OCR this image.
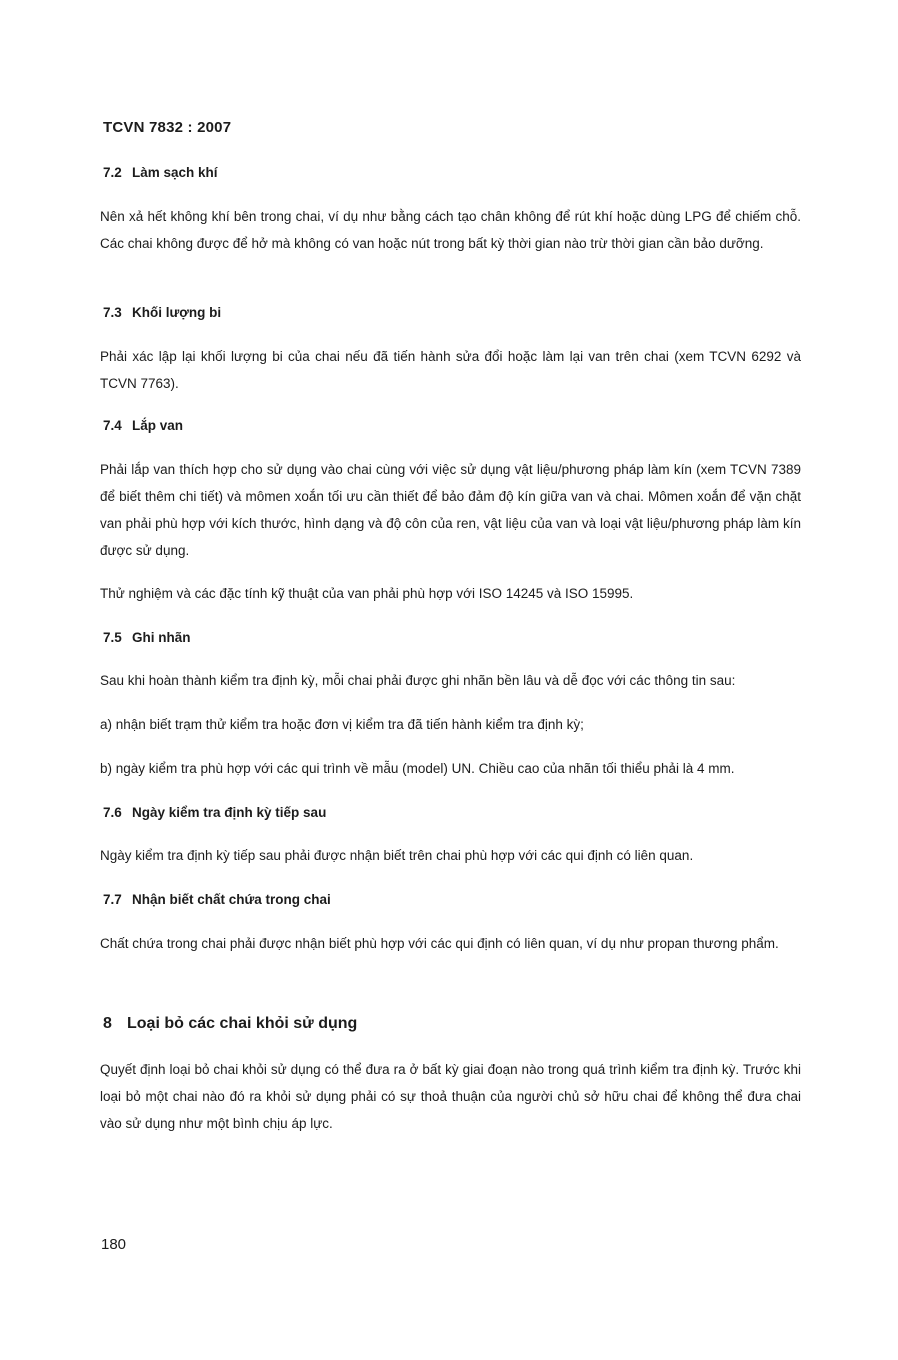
TCVN 7832 : 2007

7.2 Làm sạch khí

Nên xả hết không khí bên trong chai, ví dụ như bằng cách tạo chân không để rút khí hoặc dùng LPG để chiếm chỗ. Các chai không được để hở mà không có van hoặc nút trong bất kỳ thời gian nào trừ thời gian cần bảo dưỡng.

7.3 Khối lượng bi

Phải xác lập lại khối lượng bi của chai nếu đã tiến hành sửa đổi hoặc làm lại van trên chai (xem TCVN 6292 và TCVN 7763).

7.4 Lắp van

Phải lắp van thích hợp cho sử dụng vào chai cùng với việc sử dụng vật liệu/phương pháp làm kín (xem TCVN 7389 để biết thêm chi tiết) và mômen xoắn tối ưu cần thiết để bảo đảm độ kín giữa van và chai. Mômen xoắn để vặn chặt van phải phù hợp với kích thước, hình dạng và độ côn của ren, vật liệu của van và loại vật liệu/phương pháp làm kín được sử dụng.

Thử nghiệm và các đặc tính kỹ thuật của van phải phù hợp với ISO 14245 và ISO 15995.

7.5 Ghi nhãn

Sau khi hoàn thành kiểm tra định kỳ, mỗi chai phải được ghi nhãn bền lâu và dễ đọc với các thông tin sau:

a) nhận biết trạm thử kiểm tra hoặc đơn vị kiểm tra đã tiến hành kiểm tra định kỳ;

b) ngày kiểm tra phù hợp với các qui trình về mẫu (model) UN. Chiều cao của nhãn tối thiểu phải là 4 mm.

7.6 Ngày kiểm tra định kỳ tiếp sau

Ngày kiểm tra định kỳ tiếp sau phải được nhận biết trên chai phù hợp với các qui định có liên quan.

7.7 Nhận biết chất chứa trong chai

Chất chứa trong chai phải được nhận biết phù hợp với các qui định có liên quan, ví dụ như propan thương phẩm.

8 Loại bỏ các chai khỏi sử dụng

Quyết định loại bỏ chai khỏi sử dụng có thể đưa ra ở bất kỳ giai đoạn nào trong quá trình kiểm tra định kỳ. Trước khi loại bỏ một chai nào đó ra khỏi sử dụng phải có sự thoả thuận của người chủ sở hữu chai để không thể đưa chai vào sử dụng như một bình chịu áp lực.

180
